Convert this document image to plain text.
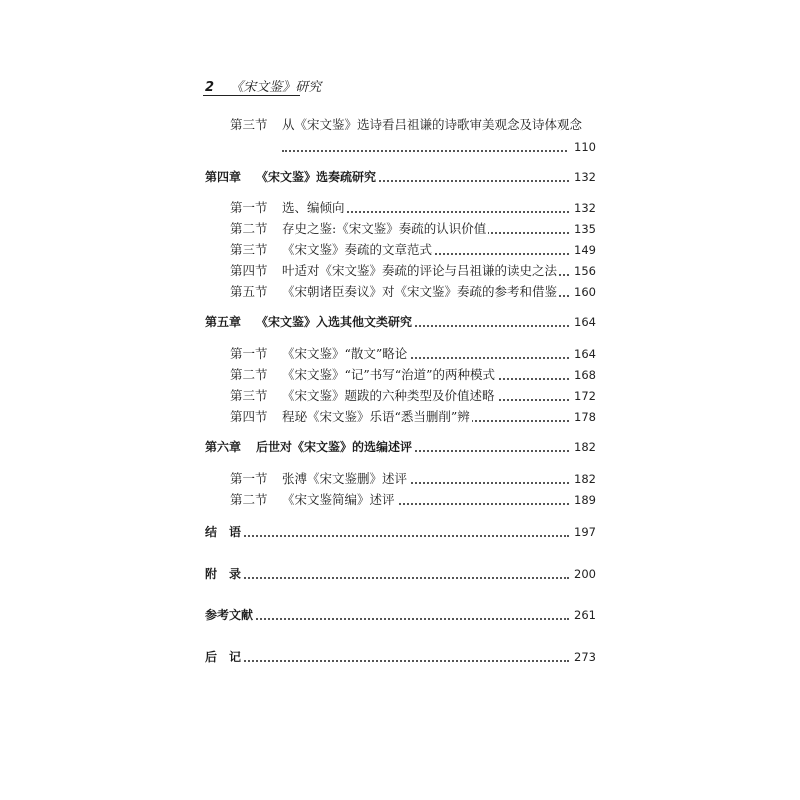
2 《宋文鉴》研究
第三节 从《宋文鉴》选诗看吕祖谦的诗歌审美观念及诗体观念
110
第四章 《宋文鉴》选奏疏研究	132
第一节 选、编倾向	132
第二节 存史之鉴:《宋文鉴》奏疏的认识价值	135
第三节 《宋文鉴》奏疏的文章范式	149
第四节 叶适对《宋文鉴》奏疏的评论与吕祖谦的读史之法 156
第五节 《宋朝诸臣奏议》对《宋文鉴》奏疏的参考和借鉴 160
第五章 《宋文鉴》入选其他文类研究	164
第一节 《宋文鉴》“散文”略论	164
第二节 《宋文鉴》“记”书写“治道”的两种模式	168
第三节 《宋文鉴》题跋的六种类型及价值述略	172
第四节 程珌《宋文鉴》乐语“悉当删削”辨	178
第六章 后世对《宋文鉴》的选编述评	182
第一节 张溥《宋文鉴删》述评	182
第二节 《宋文鉴简编》述评	189
结　语	197
附　录	200
参考文献	261
后　记	273
